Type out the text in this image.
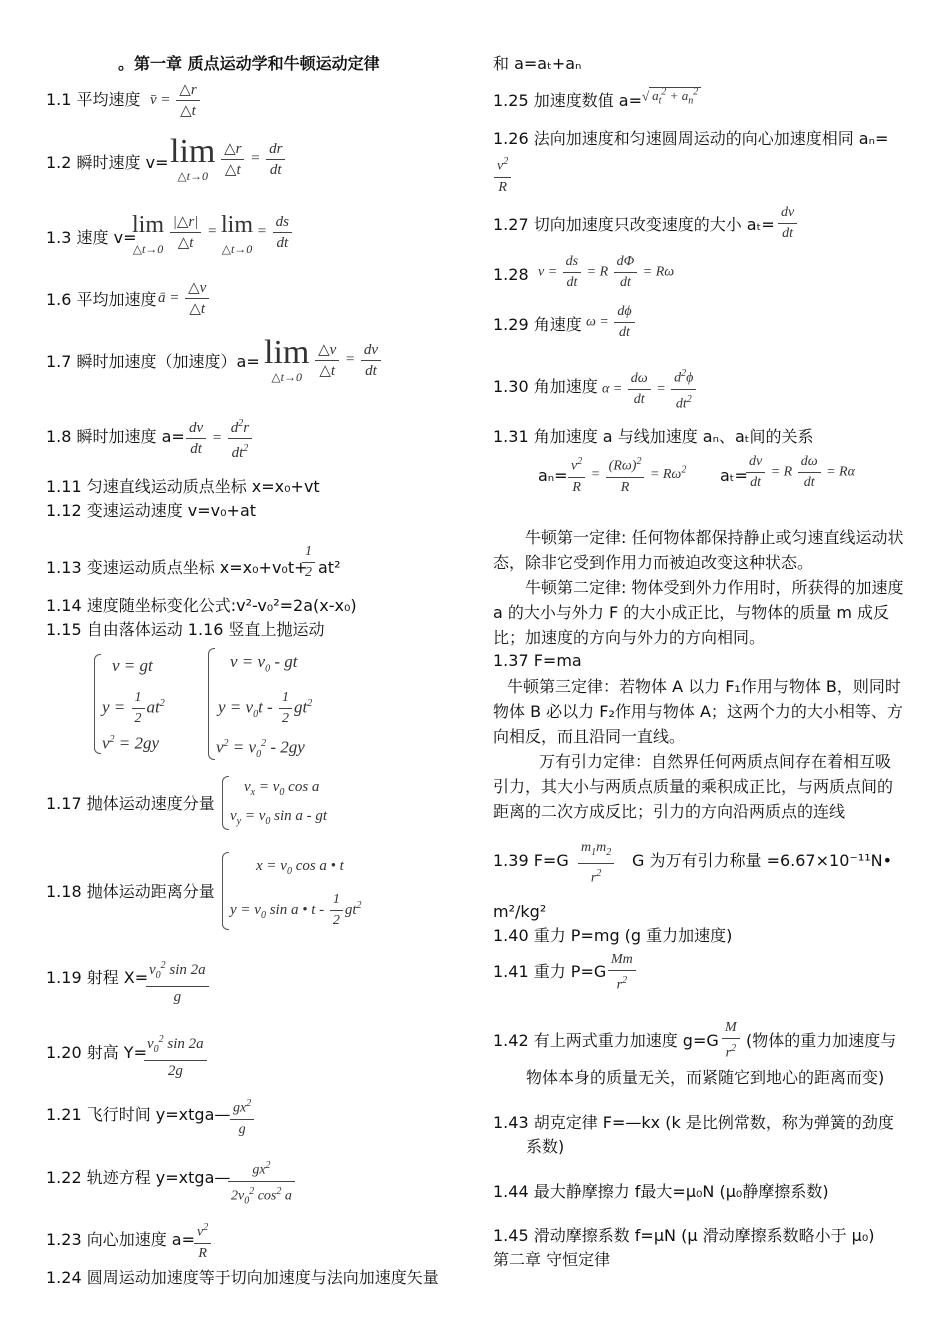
。第一章 质点运动学和牛顿运动定律
1.1 平均速度 v̄ = $\frac{\triangle r}{\triangle t}$
1.2 瞬时速度 v= lim
△t→0
$\frac{\triangle r}{\triangle t} = \frac{dr}{dt}$
1.3 速度 v=
lim
△t→0
$\frac{|\triangle r|}{\triangle t} = \lim$
△t→0
= $\frac{ds}{dt}$
1.6 平均加速度 ā = $\frac{\triangle v}{\triangle t}$
1.7 瞬时加速度（加速度）a= lim
△t→0
$\frac{\triangle v}{\triangle t} = \frac{dv}{dt}$
1.8 瞬时加速度 $a= \frac{dv}{dt} = \frac{d^2r}{dt^2}$
1.11 匀速直线运动质点坐标 x=x₀+vt
1.12 变速运动速度 v=v₀+at
1.13 变速运动质点坐标 x=x₀+v₀t+
$\frac{1}{2} at^2$
1.14 速度随坐标变化公式:v²-v₀²=2a(x-x₀)
1.15 自由落体运动 1.16 竖直上抛运动
v = gt
$y = \frac{1}{2} at^2$
$v^2 = 2gy$
$v = v_0$ - gt
$y = v_0t - \frac{1}{2} gt^2$
$v^2 = v_0^2 - 2gy$
1.17 抛体运动速度分量
$v_x = v_0$ cos a
$v_y = v_0$ sin a - gt
1.18 抛体运动距离分量
$x = v_0$ cos a • t
$y = v_0$ sin a • t - $\frac{1}{2} gt^2$
1.19 射程 X=
$\frac{v_0^2 \sin 2a}{g}$
1.20 射高 Y=
$\frac{v_0^2 \sin 2a}{2g}$
1.21 飞行时间 y=xtga— $\frac{gx^2}{g}$
1.22 轨迹方程 y=xtga—
$\frac{gx^2}{2v_0^2 \cos^2 a}$
1.23 向心加速度 a=
$\frac{v^2}{R}$
1.24 圆周运动加速度等于切向加速度与法向加速度矢量
和 a=aₜ+aₙ
1.25 加速度数值 a= √ $a_t^2 + a_n^2$
1.26 法向加速度和匀速圆周运动的向心加速度相同 aₙ=
$\frac{v^2}{R}$
1.27 切向加速度只改变速度的大小 $a_t= \frac{dv}{dt}$
1.28 $v = \frac{ds}{dt} = R \frac{d\Phi}{dt} = R\omega$
1.29 角速度 $\omega = \frac{d\phi}{dt}$
1.30 角加速度 $\alpha = \frac{d\omega}{dt} = \frac{d^2\phi}{dt^2}$
1.31 角加速度 a 与线加速度 aₙ、aₜ间的关系
$a_n= \frac{v^2}{R} = \frac{(R\omega)^2}{R} = R\omega^2$ aₜ=
$\frac{dv}{dt} = R \frac{d\omega}{dt} = R\alpha$
牛顿第一定律: 任何物体都保持静止或匀速直线运动状态，除非它受到作用力而被迫改变这种状态。
牛顿第二定律: 物体受到外力作用时，所获得的加速度 a 的大小与外力 F 的大小成正比，与物体的质量 m 成反比；加速度的方向与外力的方向相同。
1.37 F=ma
牛顿第三定律：若物体 A 以力 F₁作用与物体 B，则同时物体 B 必以力 F₂作用与物体 A；这两个力的大小相等、方向相反，而且沿同一直线。
万有引力定律：自然界任何两质点间存在着相互吸引力，其大小与两质点质量的乘积成正比，与两质点间的距离的二次方成反比；引力的方向沿两质点的连线
1.39 $F=G \frac{m_1m_2}{r^2}$ G 为万有引力称量 =6.67×10⁻¹¹N•
m²/kg²
1.40 重力 P=mg (g 重力加速度)
1.41 重力 $P=G \frac{Mm}{r^2}$
1.42 有上两式重力加速度 $g=G \frac{M}{r^2}$ (物体的重力加速度与
物体本身的质量无关，而紧随它到地心的距离而变)
1.43 胡克定律 F=—kx (k 是比例常数，称为弹簧的劲度
系数)
1.44 最大静摩擦力 f最大=μ₀N (μ₀静摩擦系数)
1.45 滑动摩擦系数 f=μN (μ 滑动摩擦系数略小于 μ₀)
第二章 守恒定律
